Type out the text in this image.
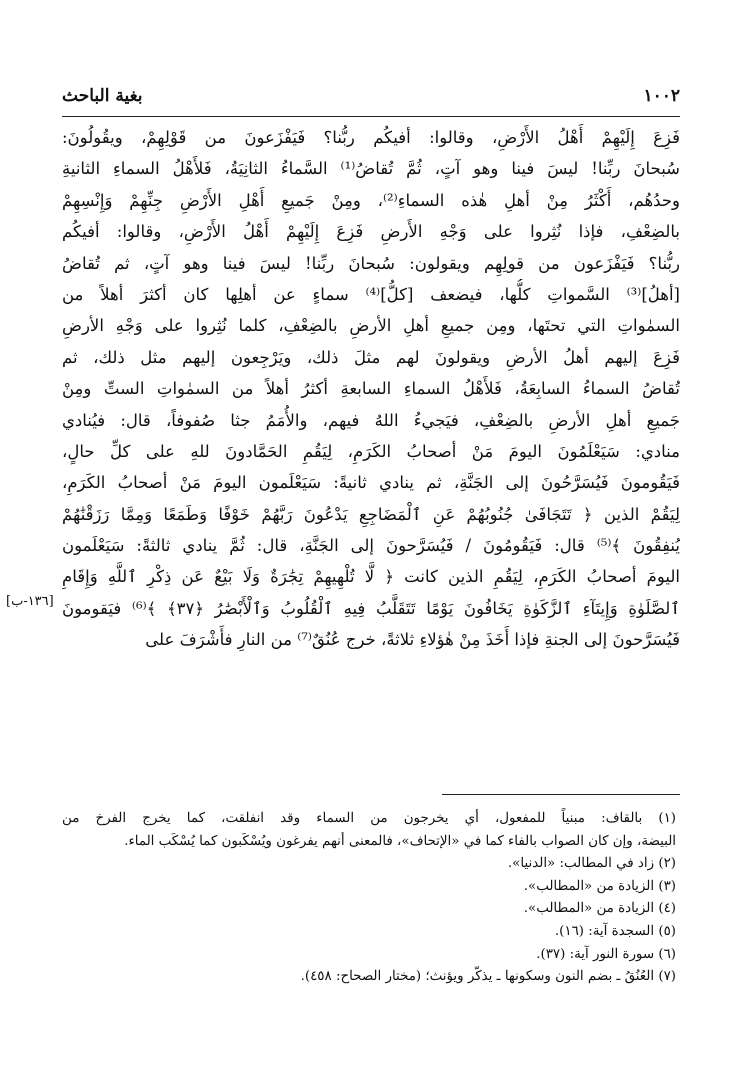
١٠٠٢
بغية الباحث
فَزِعَ إِلَيْهِمْ أَهْلُ الأَرْضِ، وقالوا: أفيكُم ربُّنا؟ فَيَفْزَعونَ من قَوْلِهِمْ، ويقُولُونَ:
سُبحانَ ربِّنا! ليسَ فينا وهو آتٍ، ثُمَّ تُقاضُ⁽¹⁾ السَّماءُ الثانِيَةُ، فَلأَهْلُ السماءِ الثانيةِ
وحدُهُم، أَكْثَرُ مِنْ أهلِ هٰذه السماءِ⁽²⁾، ومِنْ جَميعِ أَهْلِ الأَرْضِ جِنِّهِمْ وَإِنْسِهِمْ
بالضِعْفِ، فإذا نُثِروا على وَجْهِ الأَرضِ فَزِعَ إِلَيْهِمْ أَهْلُ الأَرْضِ، وقالوا: أفيكُم
ربُّنا؟ فَيَفْزَعون من قولِهِم ويقولون: سُبحانَ ربِّنا! ليسَ فينا وهو آتٍ، ثم تُقاضُ
[أهلُ]⁽³⁾ السَّمواتِ كلُّها، فيضعف [كلُّ]⁽⁴⁾ سماءٍ عن أهلِها كان أكثرَ أهلاً من
السمٰواتِ التي تحتَها، ومِن جميعِ أهلِ الأرضِ بالضِعْفِ، كلما نُثِروا على وَجْهِ الأرضِ
فَزِعَ إليهم أهلُ الأرضِ ويقولونَ لهم مثلَ ذلك، ويَرْجِعون إليهم مثل ذلك، ثم
تُقاضُ السماءُ السابِعَةُ، فَلأَهْلُ السماءِ السابعةِ أكثرُ أهلاً من السمٰواتِ الستِّ ومِنْ
جَميعِ أهلِ الأرضِ بالضِعْفِ، فيَجيءُ اللهُ فيهم، والأُمَمُ جثا صُفوفاً، قال: فيُنادي
منادي: سَيَعْلَمُونَ اليومَ مَنْ أصحابُ الكَرَمِ، لِيَقُمِ الحَمَّادونَ للهِ على كلِّ حالٍ،
فَيَقُومونَ فَيُسَرَّحُونَ إلى الجَنَّةِ، ثم ينادي ثانيةً: سَيَعْلَمون اليومَ مَنْ أصحابُ الكَرَمِ،
لِيَقُمْ الذين ﴿ تَتَجَافَىٰ جُنُوبُهُمْ عَنِ ٱلْمَضَاجِعِ يَدْعُونَ رَبَّهُمْ خَوْفًا وَطَمَعًا وَمِمَّا رَزَقْنَٰهُمْ
يُنفِقُونَ ﴾⁽⁵⁾ قال: فَيَقُومُونَ / فَيُسَرَّحونَ إلى الجَنَّةِ، قال: ثُمَّ ينادي ثالثةً: سَيَعْلَمون
اليومَ أصحابُ الكَرَمِ، لِيَقُمِ الذين كانت ﴿ لَّا تُلْهِيهِمْ تِجَٰرَةٌ وَلَا بَيْعٌ عَن ذِكْرِ ٱللَّهِ وَإِقَامِ
ٱلصَّلَوٰةِ وَإِيتَآءِ ٱلزَّكَوٰةِ يَخَافُونَ يَوْمًا تَتَقَلَّبُ فِيهِ ٱلْقُلُوبُ وَٱلْأَبْصَٰرُ ﴿٣٧﴾ ﴾⁽⁶⁾ فيَقومونَ
فَيُسَرَّحونَ إلى الجنةِ فإذا أَخَذَ مِنْ هٰؤلاءِ ثلاثةً، خرج عُنُقٌ⁽⁷⁾ من النارِ فأَشْرَفَ على
[١٣٦-ب]
(١) بالقاف: مبنياً للمفعول، أي يخرجون من السماء وقد انفلقت، كما يخرج الفرخ من
البيضة، وإن كان الصواب بالفاء كما في «الإتحاف»، فالمعنى أنهم يفرغون ويُسْكَبون كما يُسْكَب الماء.
(٢) زاد في المطالب: «الدنيا».
(٣) الزيادة من «المطالب».
(٤) الزيادة من «المطالب».
(٥) السجدة آية: (١٦).
(٦) سورة النور آية: (٣٧).
(٧) العُنُقُ ـ بضم النون وسكونها ـ يذكَّر ويؤنث؛ (مختار الصحاح: ٤٥٨).
